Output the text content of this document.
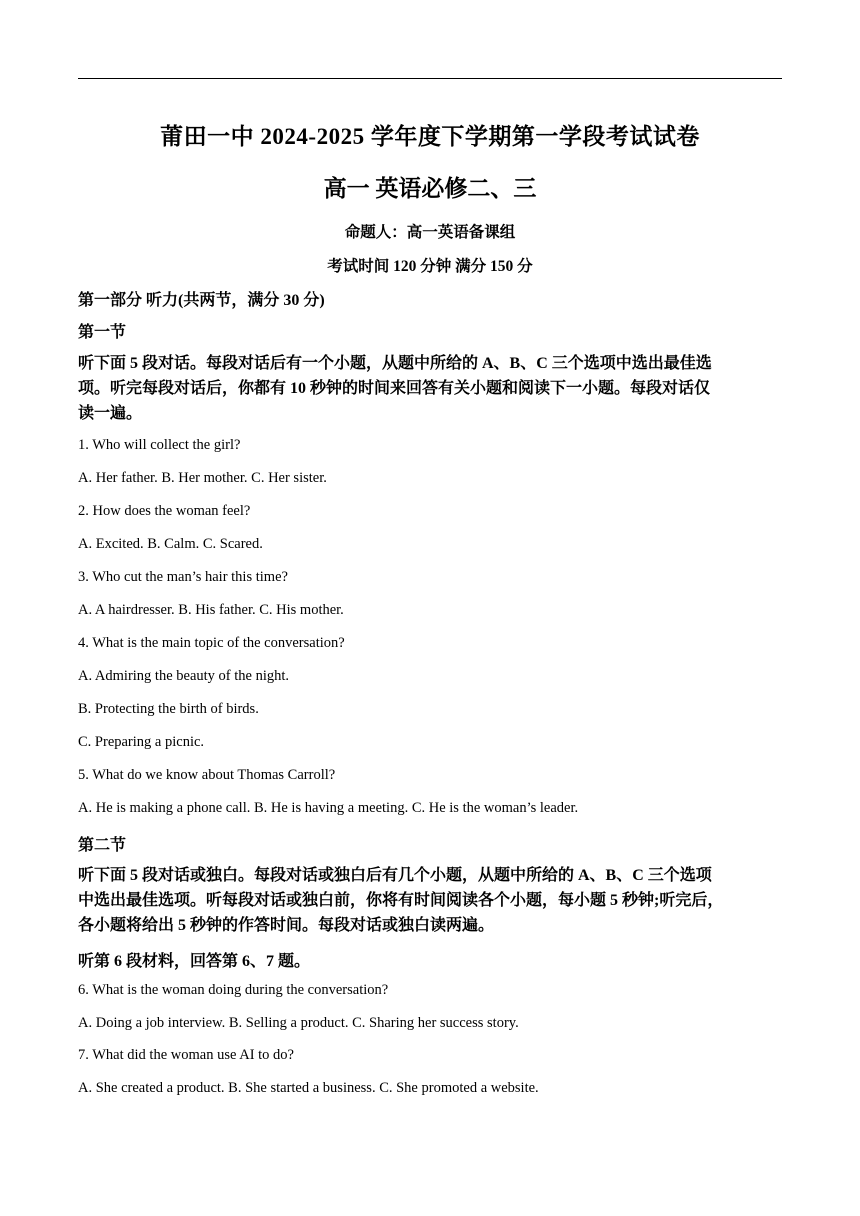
莆田一中 2024-2025 学年度下学期第一学段考试试卷

高一 英语必修二、三

命题人：高一英语备课组

考试时间 120 分钟 满分 150 分

第一部分 听力(共两节，满分 30 分)

第一节

听下面 5 段对话。每段对话后有一个小题，从题中所给的 A、B、C 三个选项中选出最佳选

项。听完每段对话后，你都有 10 秒钟的时间来回答有关小题和阅读下一小题。每段对话仅

读一遍。

1. Who will collect the girl?

A. Her father. B. Her mother. C. Her sister.

2. How does the woman feel?

A. Excited. B. Calm. C. Scared.

3. Who cut the man’s hair this time?

A. A hairdresser. B. His father. C. His mother.

4. What is the main topic of the conversation?

A. Admiring the beauty of the night.

B. Protecting the birth of birds.

C. Preparing a picnic.

5. What do we know about Thomas Carroll?

A. He is making a phone call. B. He is having a meeting. C. He is the woman’s leader.

第二节

听下面 5 段对话或独白。每段对话或独白后有几个小题，从题中所给的 A、B、C 三个选项

中选出最佳选项。听每段对话或独白前，你将有时间阅读各个小题，每小题 5 秒钟;听完后，

各小题将给出 5 秒钟的作答时间。每段对话或独白读两遍。

听第 6 段材料，回答第 6、7 题。

6. What is the woman doing during the conversation?

A. Doing a job interview. B. Selling a product. C. Sharing her success story.

7. What did the woman use AI to do?

A. She created a product. B. She started a business. C. She promoted a website.
